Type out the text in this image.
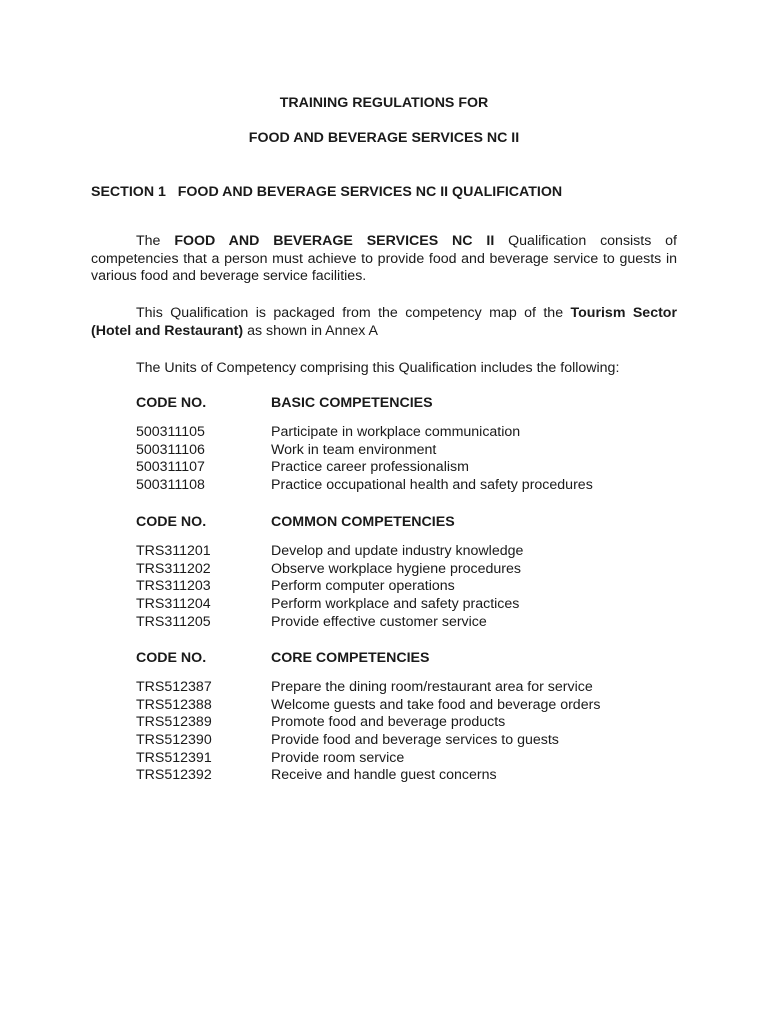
TRAINING REGULATIONS FOR
FOOD AND BEVERAGE SERVICES NC II
SECTION 1   FOOD AND BEVERAGE SERVICES NC II QUALIFICATION
The FOOD AND BEVERAGE SERVICES NC II Qualification consists of competencies that a person must achieve to provide food and beverage service to guests in various food and beverage service facilities.
This Qualification is packaged from the competency map of the Tourism Sector (Hotel and Restaurant) as shown in Annex A
The Units of Competency comprising this Qualification includes the following:
CODE NO.	BASIC COMPETENCIES
500311105	Participate in workplace communication
500311106	Work in team environment
500311107	Practice career professionalism
500311108	Practice occupational health and safety procedures
CODE NO.	COMMON COMPETENCIES
TRS311201	Develop and update industry knowledge
TRS311202	Observe workplace hygiene procedures
TRS311203	Perform computer operations
TRS311204	Perform workplace and safety practices
TRS311205	Provide effective customer service
CODE NO.	CORE COMPETENCIES
TRS512387	Prepare the dining room/restaurant area for service
TRS512388	Welcome guests and take food and beverage orders
TRS512389	Promote food and beverage products
TRS512390	Provide food and beverage services to guests
TRS512391	Provide room service
TRS512392	Receive and handle guest concerns
